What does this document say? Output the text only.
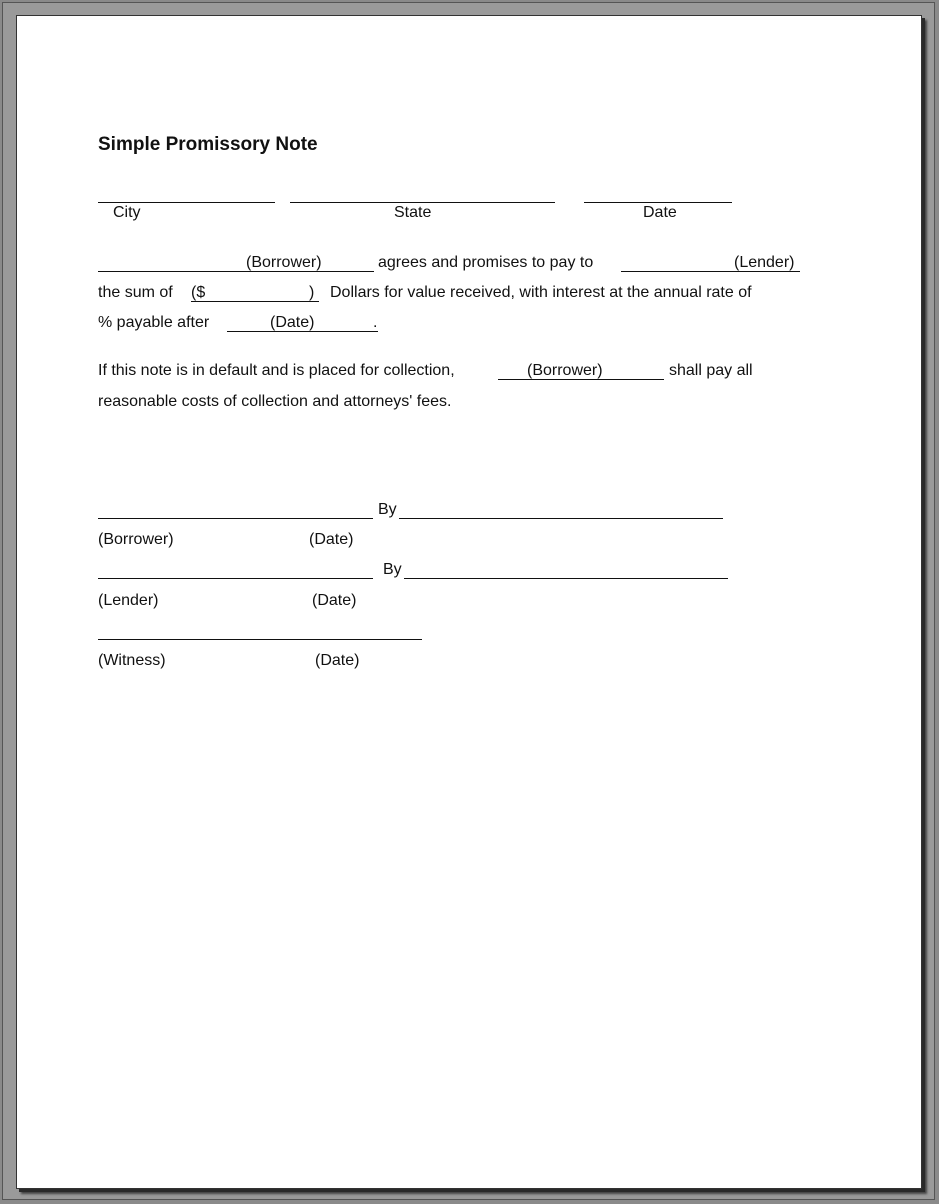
Simple Promissory Note
City	State	Date
(Borrower)	agrees and promises to pay to	(Lender)
the sum of ($	) Dollars for value received, with interest at the annual rate of
% payable after	(Date)	.
If this note is in default and is placed for collection,	(Borrower)	shall pay all
reasonable costs of collection and attorneys' fees.
By
(Borrower)	(Date)
By
(Lender)	(Date)
(Witness)	(Date)
